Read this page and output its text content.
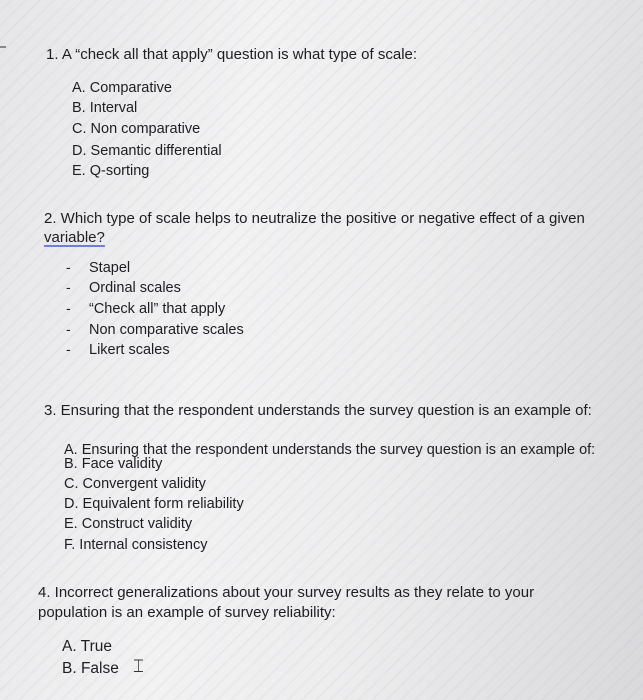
1. A “check all that apply” question is what type of scale:
A. Comparative
B. Interval
C. Non comparative
D. Semantic differential
E. Q-sorting
2. Which type of scale helps to neutralize the positive or negative effect of a given
variable?
-
-
-
-
-
Stapel
Ordinal scales
“Check all” that apply
Non comparative scales
Likert scales
3. Ensuring that the respondent understands the survey question is an example of:
A. Ensuring that the respondent understands the survey question is an example of:
B. Face validity
C. Convergent validity
D. Equivalent form reliability
E. Construct validity
F. Internal consistency
4. Incorrect generalizations about your survey results as they relate to your
population is an example of survey reliability:
A. True
B. False ⌶
